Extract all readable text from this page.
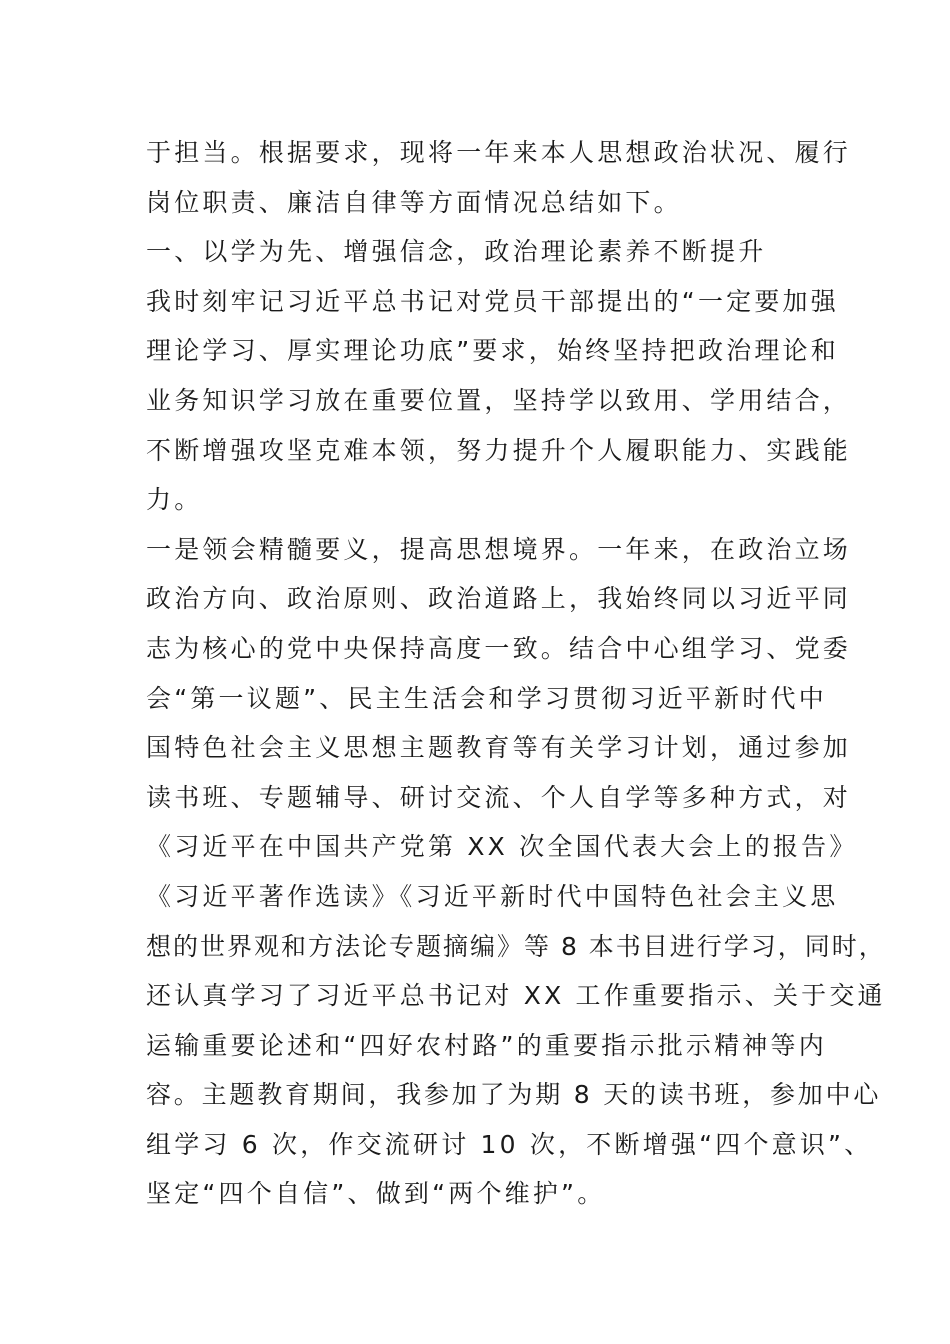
于担当。根据要求，现将一年来本人思想政治状况、履行
岗位职责、廉洁自律等方面情况总结如下。
一、以学为先、增强信念，政治理论素养不断提升
我时刻牢记习近平总书记对党员干部提出的“一定要加强
理论学习、厚实理论功底”要求，始终坚持把政治理论和
业务知识学习放在重要位置，坚持学以致用、学用结合，
不断增强攻坚克难本领，努力提升个人履职能力、实践能
力。
一是领会精髓要义，提高思想境界。一年来，在政治立场
政治方向、政治原则、政治道路上，我始终同以习近平同
志为核心的党中央保持高度一致。结合中心组学习、党委
会“第一议题”、民主生活会和学习贯彻习近平新时代中
国特色社会主义思想主题教育等有关学习计划，通过参加
读书班、专题辅导、研讨交流、个人自学等多种方式，对
《习近平在中国共产党第 XX 次全国代表大会上的报告》
《习近平著作选读》《习近平新时代中国特色社会主义思
想的世界观和方法论专题摘编》等 8 本书目进行学习，同时，
还认真学习了习近平总书记对 XX 工作重要指示、关于交通
运输重要论述和“四好农村路”的重要指示批示精神等内
容。主题教育期间，我参加了为期 8 天的读书班，参加中心
组学习 6 次，作交流研讨 10 次，不断增强“四个意识”、
坚定“四个自信”、做到“两个维护”。
